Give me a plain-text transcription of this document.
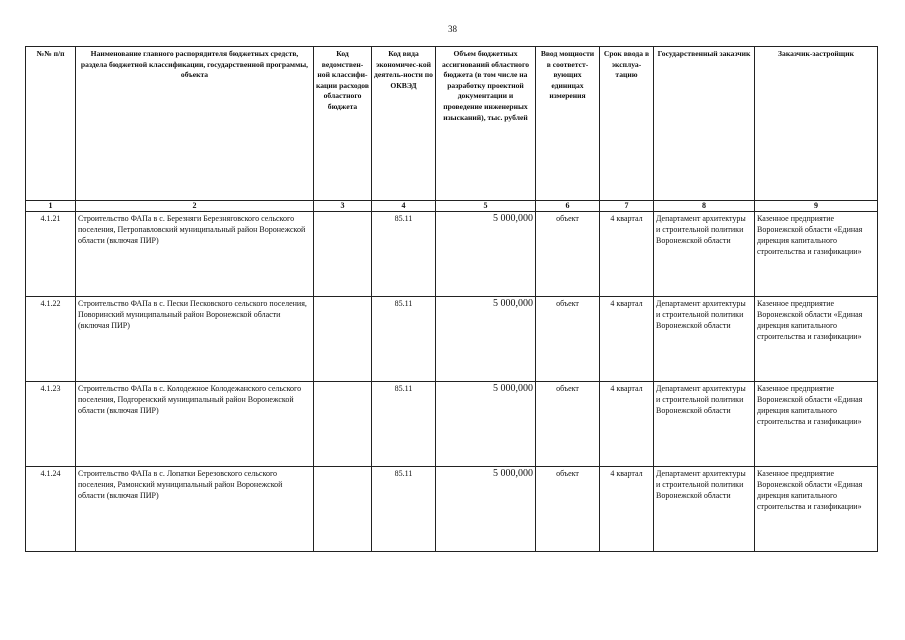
38
№№ п/п	Наименование главного распорядителя бюджетных средств, раздела бюджетной классификации, государственной программы, объекта	Код ведомствен-ной классифи-кации расходов областного бюджета	Код вида экономичес-кой деятель-ности по ОКВЭД	Объем бюджетных ассигнований областного бюджета (в том числе на разработку проектной документации и проведение инженерных изысканий), тыс. рублей	Ввод мощности в соответст-вующих единицах измерения	Срок ввода в эксплуа-тацию	Государственный заказчик	Заказчик-застройщик
1	2	3	4	5	6	7	8	9
4.1.21	Строительство ФАПа в с. Березняги Березняговского сельского поселения, Петропавловский муниципальный район Воронежской области (включая ПИР)		85.11	5 000,000	объект	4 квартал	Департамент архитектуры и строительной политики Воронежской области	Казенное предприятие Воронежской области «Единая дирекция капитального строительства и газификации»
4.1.22	Строительство ФАПа в с. Пески Песковского сельского поселения, Поворинский муниципальный район Воронежской области (включая ПИР)		85.11	5 000,000	объект	4 квартал	Департамент архитектуры и строительной политики Воронежской области	Казенное предприятие Воронежской области «Единая дирекция капитального строительства и газификации»
4.1.23	Строительство ФАПа в с. Колодежное Колодежанского сельского поселения, Подгоренский муниципальный район Воронежской области (включая ПИР)		85.11	5 000,000	объект	4 квартал	Департамент архитектуры и строительной политики Воронежской области	Казенное предприятие Воронежской области «Единая дирекция капитального строительства и газификации»
4.1.24	Строительство ФАПа в с. Лопатки Березовского сельского поселения, Рамонский муниципальный район Воронежской области (включая ПИР)		85.11	5 000,000	объект	4 квартал	Департамент архитектуры и строительной политики Воронежской области	Казенное предприятие Воронежской области «Единая дирекция капитального строительства и газификации»
